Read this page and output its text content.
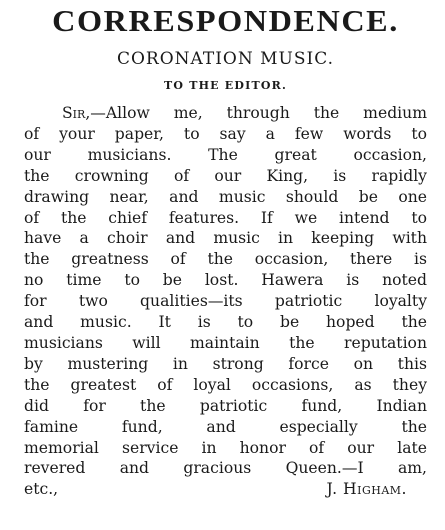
CORRESPONDENCE.
CORONATION MUSIC.
TO THE EDITOR.
Sir,—Allow me, through the medium
of your paper, to say a few words to
our musicians. The great occasion,
the crowning of our King, is rapidly
drawing near, and music should be one
of the chief features. If we intend to
have a choir and music in keeping with
the greatness of the occasion, there is
no time to be lost. Hawera is noted
for two qualities—its patriotic loyalty
and music. It is to be hoped the
musicians will maintain the reputation
by mustering in strong force on this
the greatest of loyal occasions, as they
did for the patriotic fund, Indian
famine fund, and especially the
memorial service in honor of our late
revered and gracious Queen.—I am,
etc.,	J. Higham.
